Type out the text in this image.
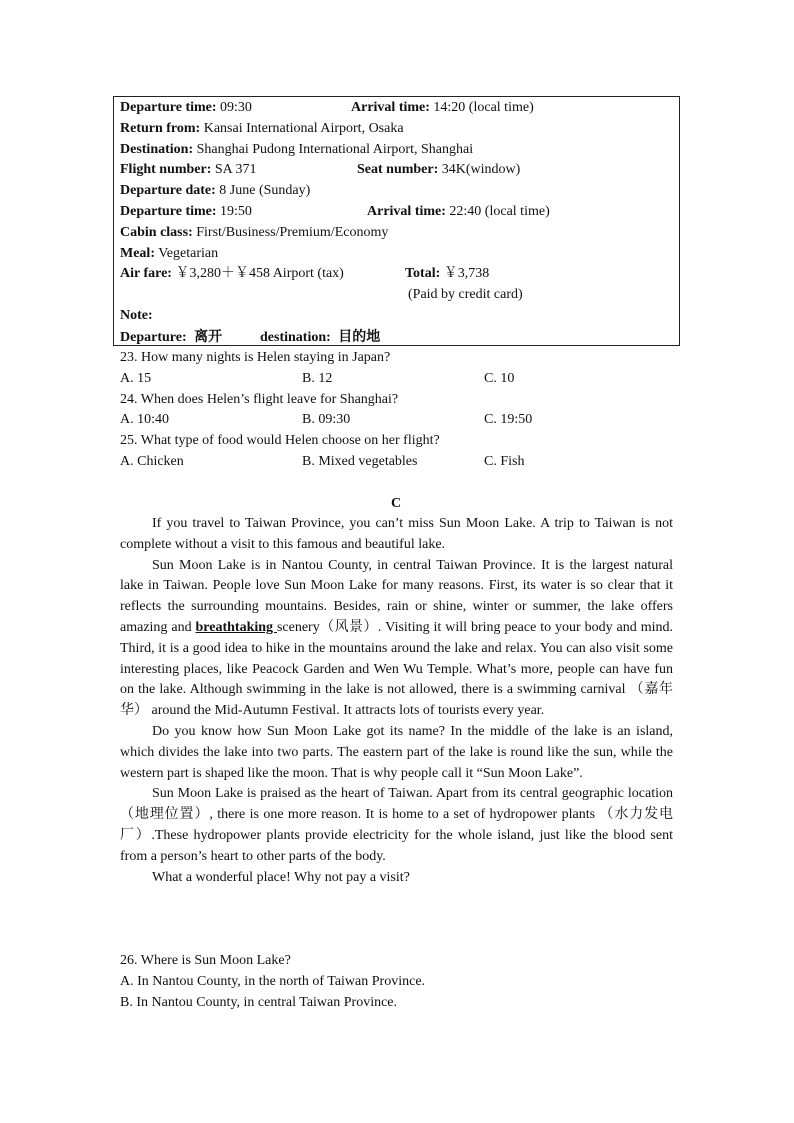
Departure time: 09:30	Arrival time: 14:20 (local time)
Return from: Kansai International Airport, Osaka
Destination: Shanghai Pudong International Airport, Shanghai
Flight number: SA 371	Seat number: 34K(window)
Departure date: 8 June (Sunday)
Departure time: 19:50	Arrival time: 22:40 (local time)
Cabin class: First/Business/Premium/Economy
Meal: Vegetarian
Air fare: ￥3,280＋￥458 Airport (tax)	Total: ￥3,738
(Paid by credit card)
Note:
Departure: 离开	destination: 目的地
23. How many nights is Helen staying in Japan?
A. 15	B. 12	C. 10
24. When does Helen’s flight leave for Shanghai?
A. 10:40	B. 09:30	C. 19:50
25. What type of food would Helen choose on her flight?
A. Chicken	B. Mixed vegetables	C. Fish
C

If you travel to Taiwan Province, you can’t miss Sun Moon Lake. A trip to Taiwan is not complete without a visit to this famous and beautiful lake.

Sun Moon Lake is in Nantou County, in central Taiwan Province. It is the largest natural lake in Taiwan. People love Sun Moon Lake for many reasons. First, its water is so clear that it reflects the surrounding mountains. Besides, rain or shine, winter or summer, the lake offers amazing and breathtaking scenery（风景）. Visiting it will bring peace to your body and mind. Third, it is a good idea to hike in the mountains around the lake and relax. You can also visit some interesting places, like Peacock Garden and Wen Wu Temple. What’s more, people can have fun on the lake. Although swimming in the lake is not allowed, there is a swimming carnival （嘉年华） around the Mid-Autumn Festival. It attracts lots of tourists every year.

Do you know how Sun Moon Lake got its name? In the middle of the lake is an island, which divides the lake into two parts. The eastern part of the lake is round like the sun, while the western part is shaped like the moon. That is why people call it “Sun Moon Lake”.

Sun Moon Lake is praised as the heart of Taiwan. Apart from its central geographic location （地理位置）, there is one more reason. It is home to a set of hydropower plants （水力发电厂）.These hydropower plants provide electricity for the whole island, just like the blood sent from a person’s heart to other parts of the body.

What a wonderful place! Why not pay a visit?

26. Where is Sun Moon Lake?
A. In Nantou County, in the north of Taiwan Province.
B. In Nantou County, in central Taiwan Province.
